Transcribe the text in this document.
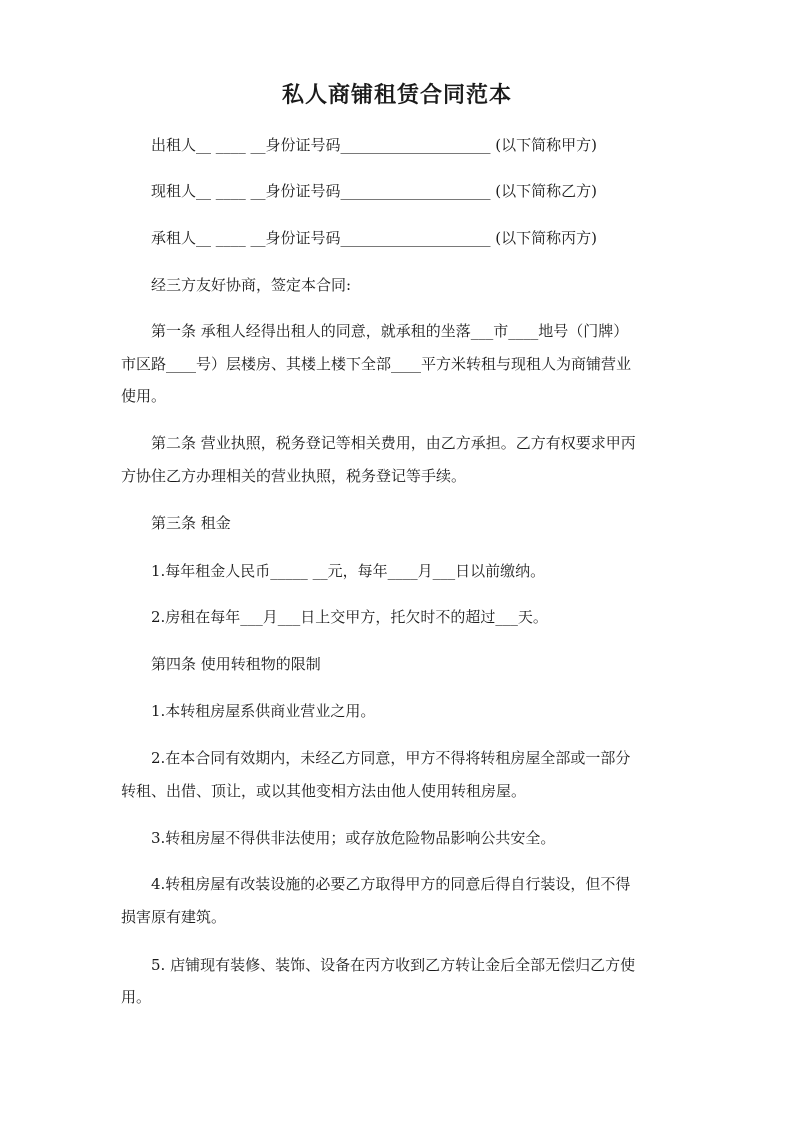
私人商铺租赁合同范本
出租人__ ____ __身份证号码____________________ (以下简称甲方)
现租人__ ____ __身份证号码____________________ (以下简称乙方)
承租人__ ____ __身份证号码____________________ (以下简称丙方)
经三方友好协商，签定本合同:
第一条 承租人经得出租人的同意，就承租的坐落___市____地号（门牌）
市区路____号）层楼房、其楼上楼下全部____平方米转租与现租人为商铺营业
使用。
第二条 营业执照，税务登记等相关费用，由乙方承担。乙方有权要求甲丙
方协住乙方办理相关的营业执照，税务登记等手续。
第三条 租金
1.每年租金人民币_____ __元，每年____月___日以前缴纳。
2.房租在每年___月___日上交甲方，托欠时不的超过___天。
第四条 使用转租物的限制
1.本转租房屋系供商业营业之用。
2.在本合同有效期内，未经乙方同意，甲方不得将转租房屋全部或一部分
转租、出借、顶让，或以其他变相方法由他人使用转租房屋。
3.转租房屋不得供非法使用；或存放危险物品影响公共安全。
4.转租房屋有改装设施的必要乙方取得甲方的同意后得自行装设，但不得
损害原有建筑。
5. 店铺现有装修、装饰、设备在丙方收到乙方转让金后全部无偿归乙方使
用。
